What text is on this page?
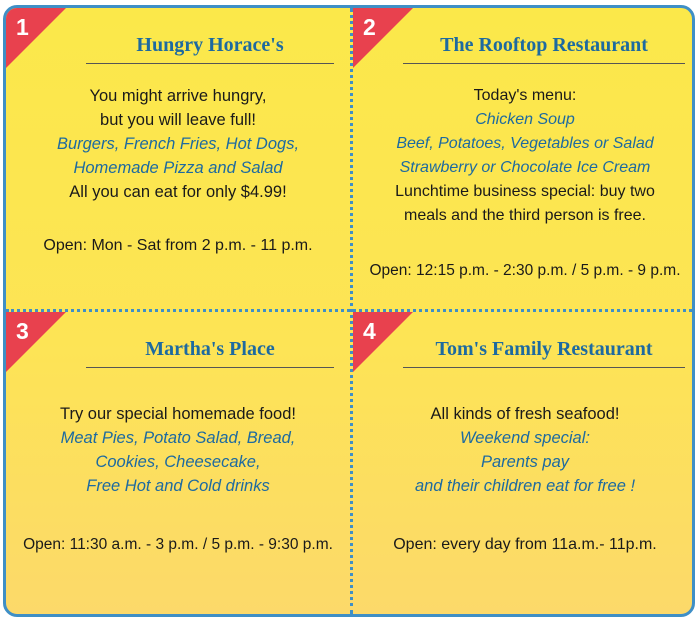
1
Hungry Horace's
You might arrive hungry,
but you will leave full!
Burgers, French Fries, Hot Dogs,
Homemade Pizza and Salad
All you can eat for only $4.99!
Open: Mon - Sat from 2 p.m. - 11 p.m.
2
The Rooftop Restaurant
Today's menu:
Chicken Soup
Beef, Potatoes, Vegetables or Salad
Strawberry or Chocolate Ice Cream
Lunchtime business special: buy two
meals and the third person is free.
Open: 12:15 p.m. - 2:30 p.m. / 5 p.m. - 9 p.m.
3
Martha's Place
Try our special homemade food!
Meat Pies, Potato Salad, Bread,
Cookies, Cheesecake,
Free Hot and Cold drinks
Open: 11:30 a.m. - 3 p.m. / 5 p.m. - 9:30 p.m.
4
Tom's Family Restaurant
All kinds of fresh seafood!
Weekend special:
Parents pay
and their children eat for free !
Open: every day from 11a.m.- 11p.m.
